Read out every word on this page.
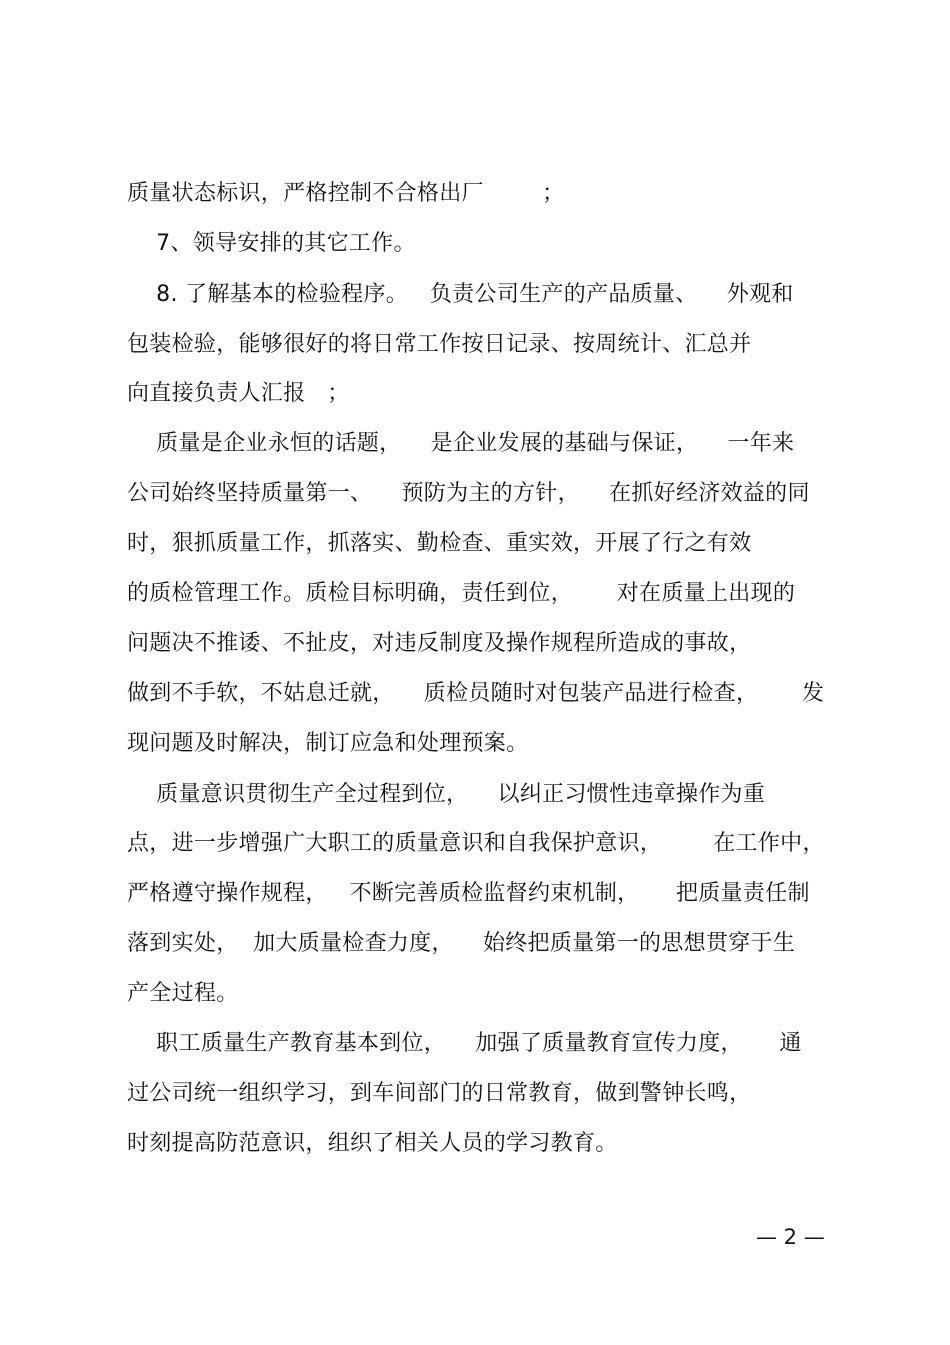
质量状态标识，严格控制不合格出厂        ；
7、领导安排的其它工作。
8. 了解基本的检验程序。   负责公司生产的产品质量、    外观和
包装检验，能够很好的将日常工作按日记录、按周统计、汇总并
向直接负责人汇报   ；
质量是企业永恒的话题，    是企业发展的基础与保证，    一年来
公司始终坚持质量第一、    预防为主的方针，    在抓好经济效益的同
时，狠抓质量工作，抓落实、勤检查、重实效，开展了行之有效
的质检管理工作。质检目标明确，责任到位，      对在质量上出现的
问题决不推诿、不扯皮，对违反制度及操作规程所造成的事故，
做到不手软，不姑息迁就，    质检员随时对包装产品进行检查，      发
现问题及时解决，制订应急和处理预案。
质量意识贯彻生产全过程到位，    以纠正习惯性违章操作为重
点，进一步增强广大职工的质量意识和自我保护意识，       在工作中，
严格遵守操作规程，   不断完善质检监督约束机制，     把质量责任制
落到实处，  加大质量检查力度，    始终把质量第一的思想贯穿于生
产全过程。
职工质量生产教育基本到位，    加强了质量教育宣传力度，     通
过公司统一组织学习，到车间部门的日常教育，做到警钟长鸣，
时刻提高防范意识，组织了相关人员的学习教育。
— 2 —
